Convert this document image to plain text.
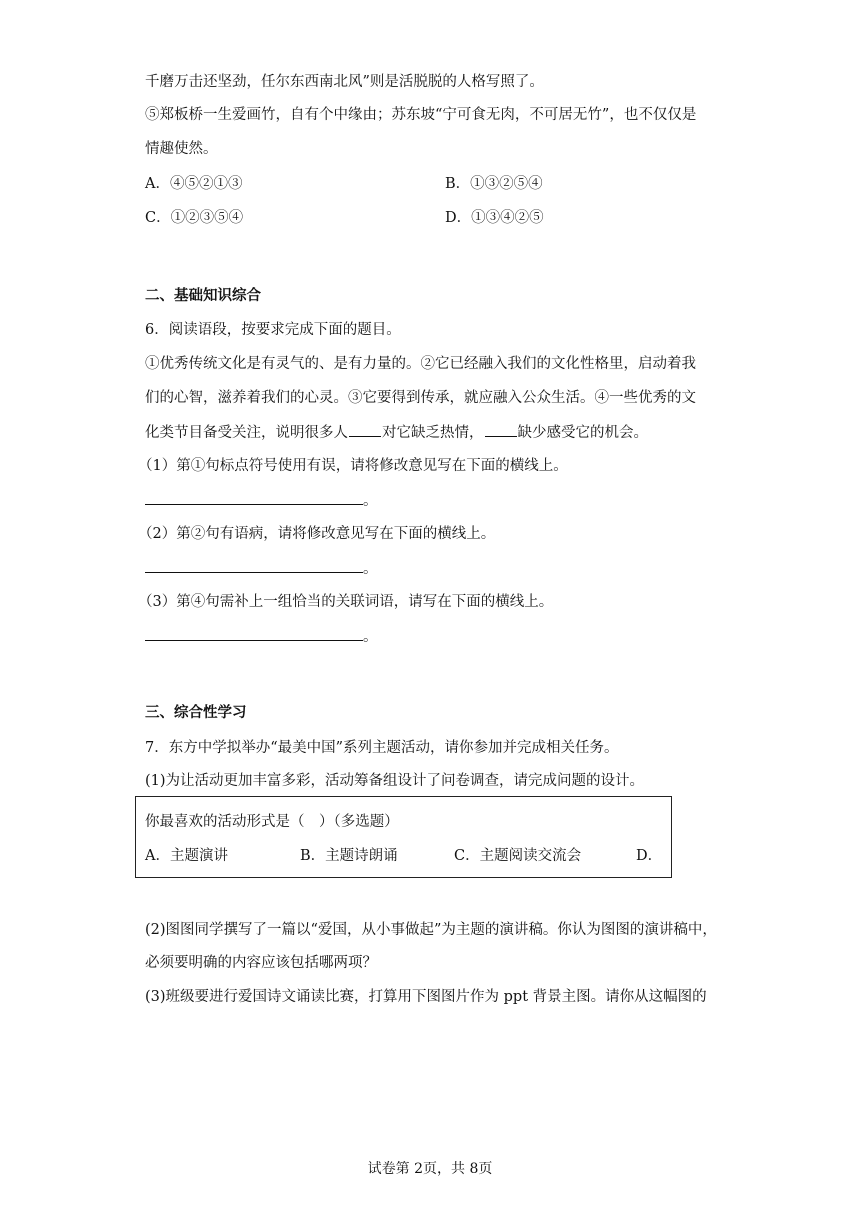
千磨万击还坚劲，任尔东西南北风”则是活脱脱的人格写照了。
⑤郑板桥一生爱画竹，自有个中缘由；苏东坡“宁可食无肉，不可居无竹”，也不仅仅是
情趣使然。
A．④⑤②①③	B．①③②⑤④
C．①②③⑤④	D．①③④②⑤
二、基础知识综合
6．阅读语段，按要求完成下面的题目。
①优秀传统文化是有灵气的、是有力量的。②它已经融入我们的文化性格里，启动着我
们的心智，滋养着我们的心灵。③它要得到传承，就应融入公众生活。④一些优秀的文
化类节目备受关注，说明很多人 对它缺乏热情， 缺少感受它的机会。
（1）第①句标点符号使用有误，请将修改意见写在下面的横线上。
。
（2）第②句有语病，请将修改意见写在下面的横线上。
。
（3）第④句需补上一组恰当的关联词语，请写在下面的横线上。
。
三、综合性学习
7．东方中学拟举办“最美中国”系列主题活动，请你参加并完成相关任务。
(1)为让活动更加丰富多彩，活动筹备组设计了问卷调查，请完成问题的设计。
你最喜欢的活动形式是（　）（多选题）
A．主题演讲	B．主题诗朗诵	C．主题阅读交流会	D．
(2)图图同学撰写了一篇以“爱国，从小事做起”为主题的演讲稿。你认为图图的演讲稿中，
必须要明确的内容应该包括哪两项？
(3)班级要进行爱国诗文诵读比赛，打算用下图图片作为 ppt 背景主图。请你从这幅图的
试卷第 2页，共 8页
